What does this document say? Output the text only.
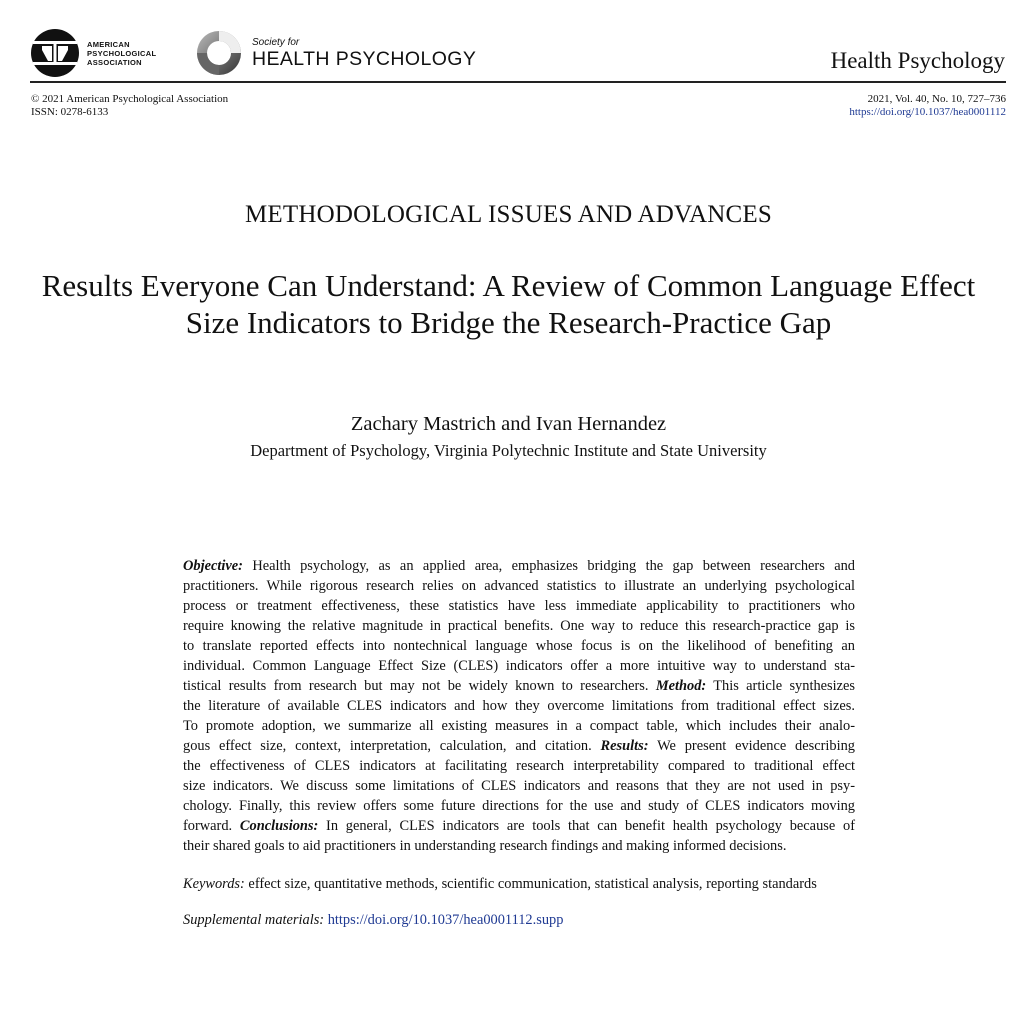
AMERICAN
PSYCHOLOGICAL
ASSOCIATION
Society for
HEALTH PSYCHOLOGY	Health Psychology
© 2021 American Psychological Association
ISSN: 0278-6133
2021, Vol. 40, No. 10, 727–736
https://doi.org/10.1037/hea0001112
METHODOLOGICAL ISSUES AND ADVANCES
Results Everyone Can Understand: A Review of Common Language Effect
Size Indicators to Bridge the Research-Practice Gap
Zachary Mastrich and Ivan Hernandez
Department of Psychology, Virginia Polytechnic Institute and State University
Objective: Health psychology, as an applied area, emphasizes bridging the gap between researchers and
practitioners. While rigorous research relies on advanced statistics to illustrate an underlying psychological
process or treatment effectiveness, these statistics have less immediate applicability to practitioners who
require knowing the relative magnitude in practical benefits. One way to reduce this research-practice gap is
to translate reported effects into nontechnical language whose focus is on the likelihood of benefiting an
individual. Common Language Effect Size (CLES) indicators offer a more intuitive way to understand sta-
tistical results from research but may not be widely known to researchers. Method: This article synthesizes
the literature of available CLES indicators and how they overcome limitations from traditional effect sizes.
To promote adoption, we summarize all existing measures in a compact table, which includes their analo-
gous effect size, context, interpretation, calculation, and citation. Results: We present evidence describing
the effectiveness of CLES indicators at facilitating research interpretability compared to traditional effect
size indicators. We discuss some limitations of CLES indicators and reasons that they are not used in psy-
chology. Finally, this review offers some future directions for the use and study of CLES indicators moving
forward. Conclusions: In general, CLES indicators are tools that can benefit health psychology because of
their shared goals to aid practitioners in understanding research findings and making informed decisions.
Keywords: effect size, quantitative methods, scientific communication, statistical analysis, reporting standards
Supplemental materials: https://doi.org/10.1037/hea0001112.supp
